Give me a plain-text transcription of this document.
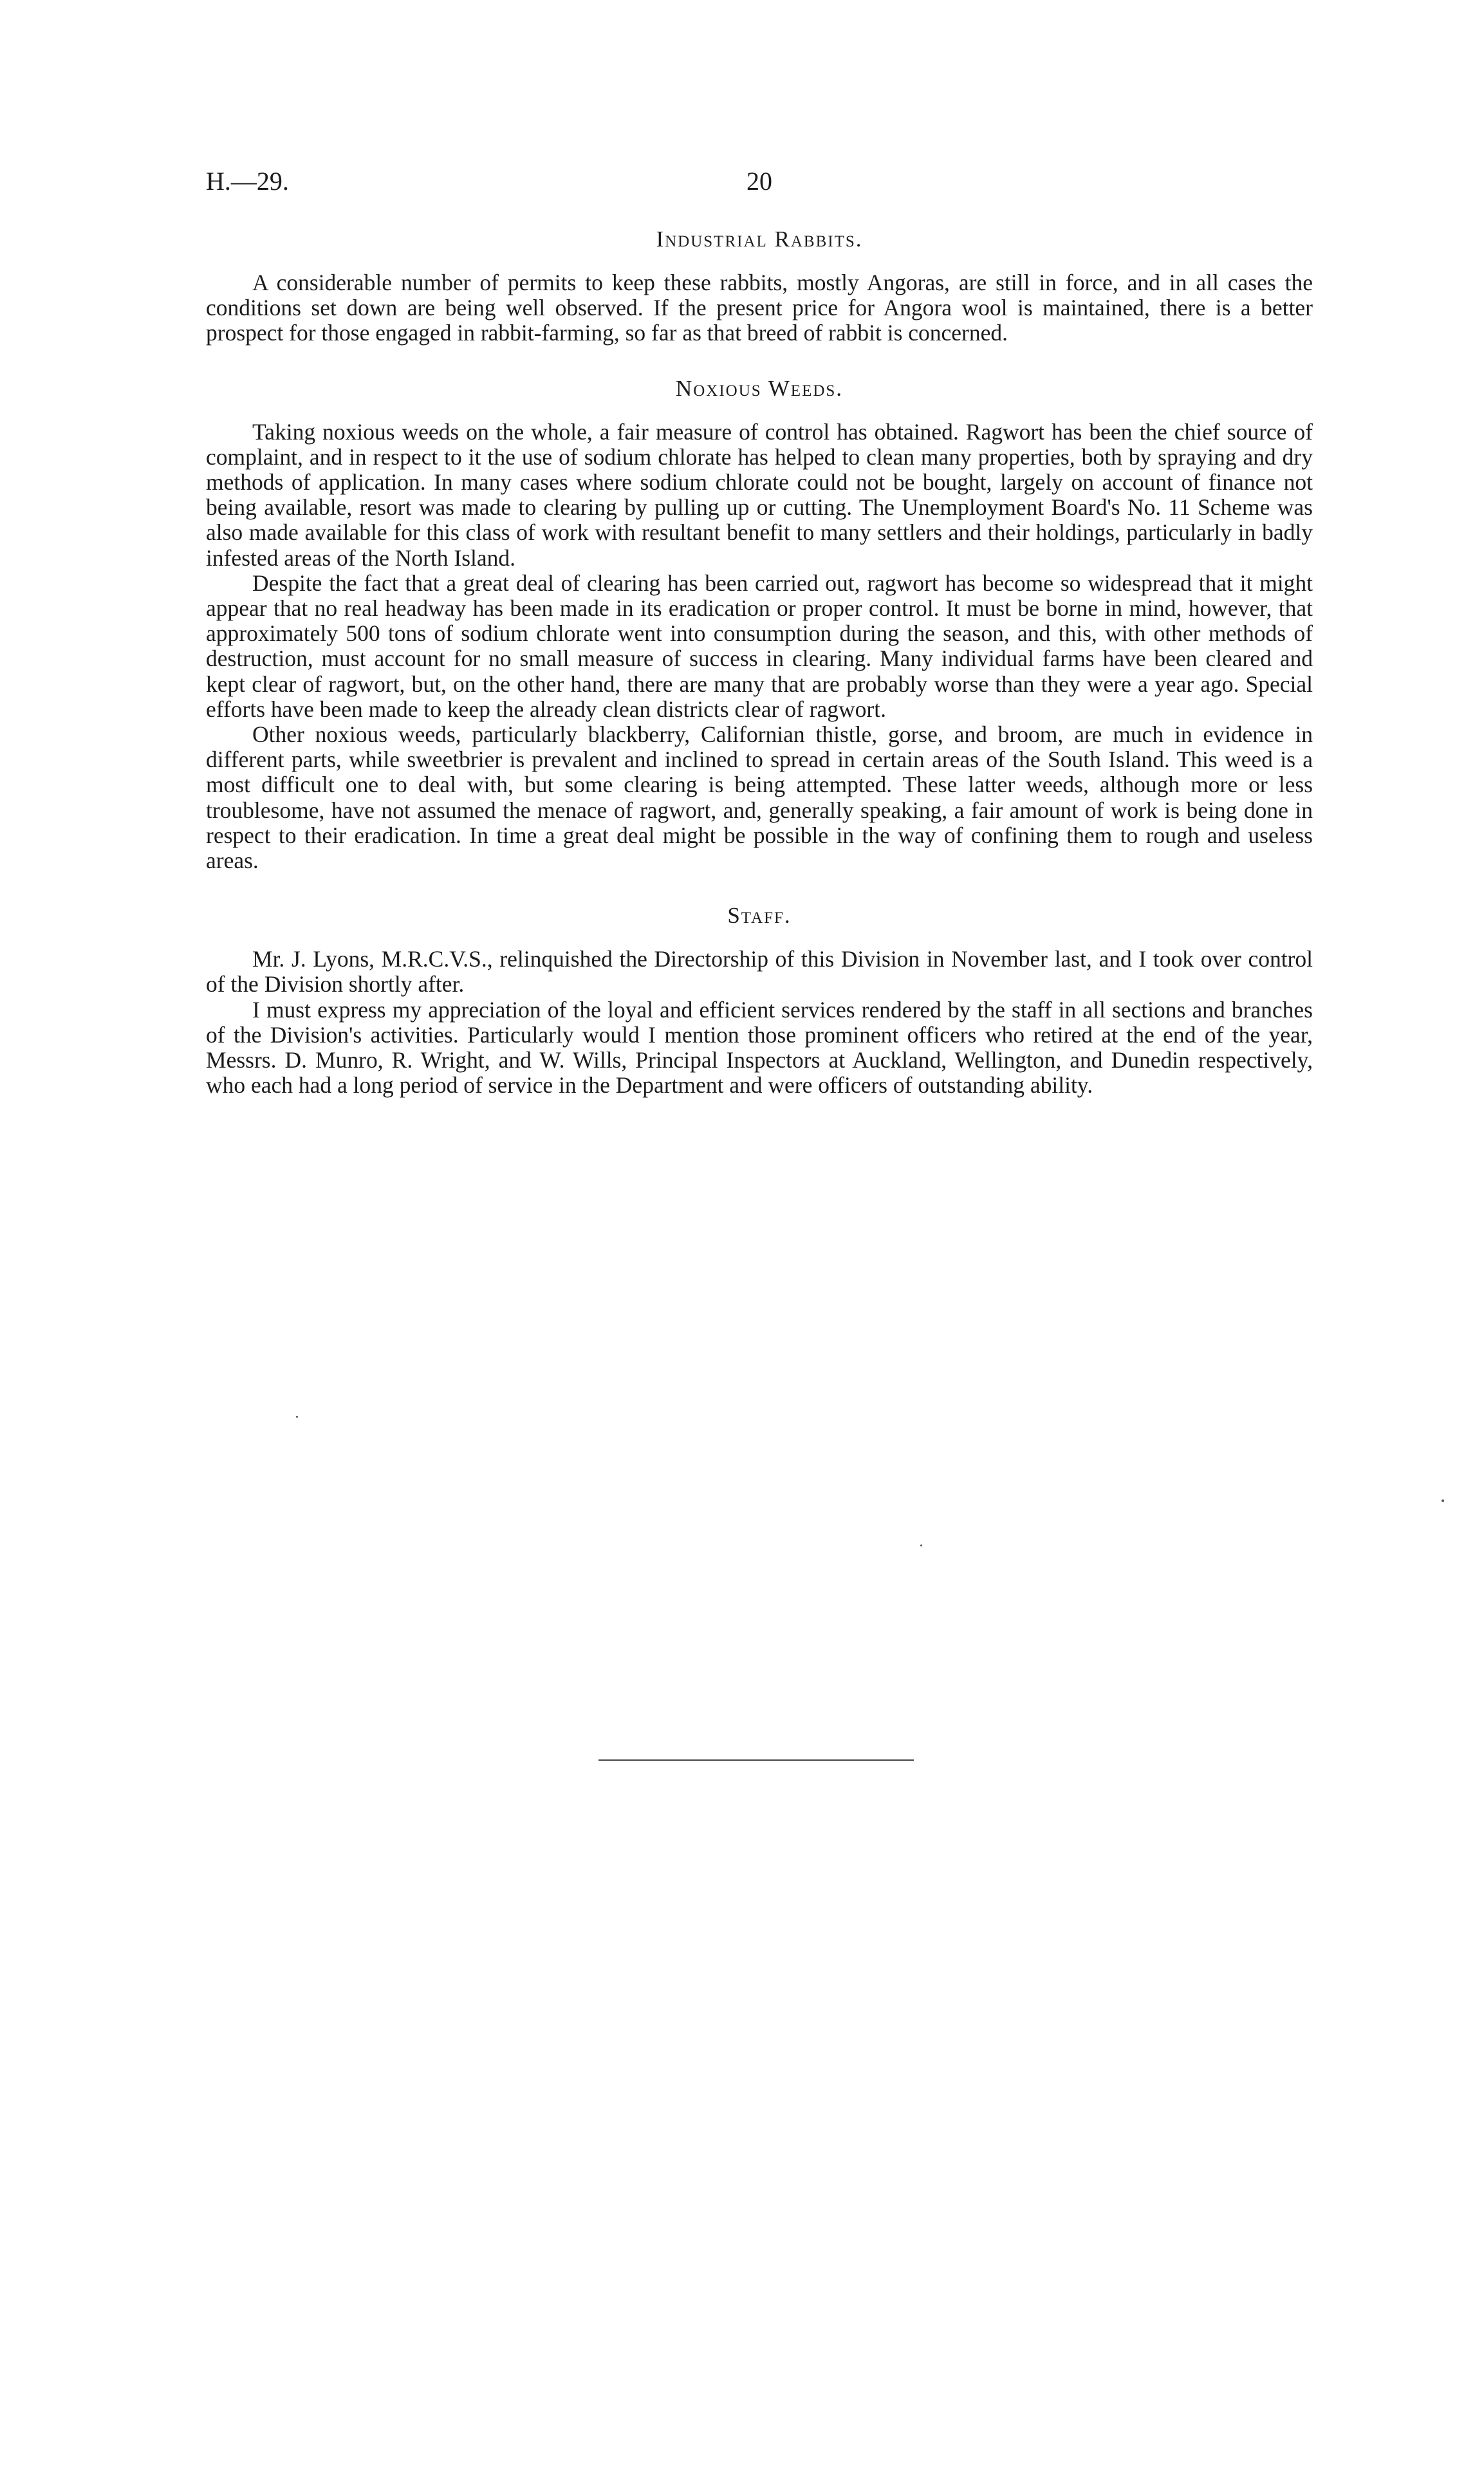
H.—29.	20
Industrial Rabbits.

A considerable number of permits to keep these rabbits, mostly Angoras, are still in force, and in all cases the conditions set down are being well observed. If the present price for Angora wool is maintained, there is a better prospect for those engaged in rabbit-farming, so far as that breed of rabbit is concerned.

Noxious Weeds.

Taking noxious weeds on the whole, a fair measure of control has obtained. Ragwort has been the chief source of complaint, and in respect to it the use of sodium chlorate has helped to clean many properties, both by spraying and dry methods of application. In many cases where sodium chlorate could not be bought, largely on account of finance not being available, resort was made to clearing by pulling up or cutting. The Unemployment Board's No. 11 Scheme was also made available for this class of work with resultant benefit to many settlers and their holdings, particularly in badly infested areas of the North Island.

Despite the fact that a great deal of clearing has been carried out, ragwort has become so widespread that it might appear that no real headway has been made in its eradication or proper control. It must be borne in mind, however, that approximately 500 tons of sodium chlorate went into consumption during the season, and this, with other methods of destruction, must account for no small measure of success in clearing. Many individual farms have been cleared and kept clear of ragwort, but, on the other hand, there are many that are probably worse than they were a year ago. Special efforts have been made to keep the already clean districts clear of ragwort.

Other noxious weeds, particularly blackberry, Californian thistle, gorse, and broom, are much in evidence in different parts, while sweetbrier is prevalent and inclined to spread in certain areas of the South Island. This weed is a most difficult one to deal with, but some clearing is being attempted. These latter weeds, although more or less troublesome, have not assumed the menace of ragwort, and, generally speaking, a fair amount of work is being done in respect to their eradication. In time a great deal might be possible in the way of confining them to rough and useless areas.

Staff.

Mr. J. Lyons, M.R.C.V.S., relinquished the Directorship of this Division in November last, and I took over control of the Division shortly after.

I must express my appreciation of the loyal and efficient services rendered by the staff in all sections and branches of the Division's activities. Particularly would I mention those prominent officers who retired at the end of the year, Messrs. D. Munro, R. Wright, and W. Wills, Principal Inspectors at Auckland, Wellington, and Dunedin respectively, who each had a long period of service in the Department and were officers of outstanding ability.
